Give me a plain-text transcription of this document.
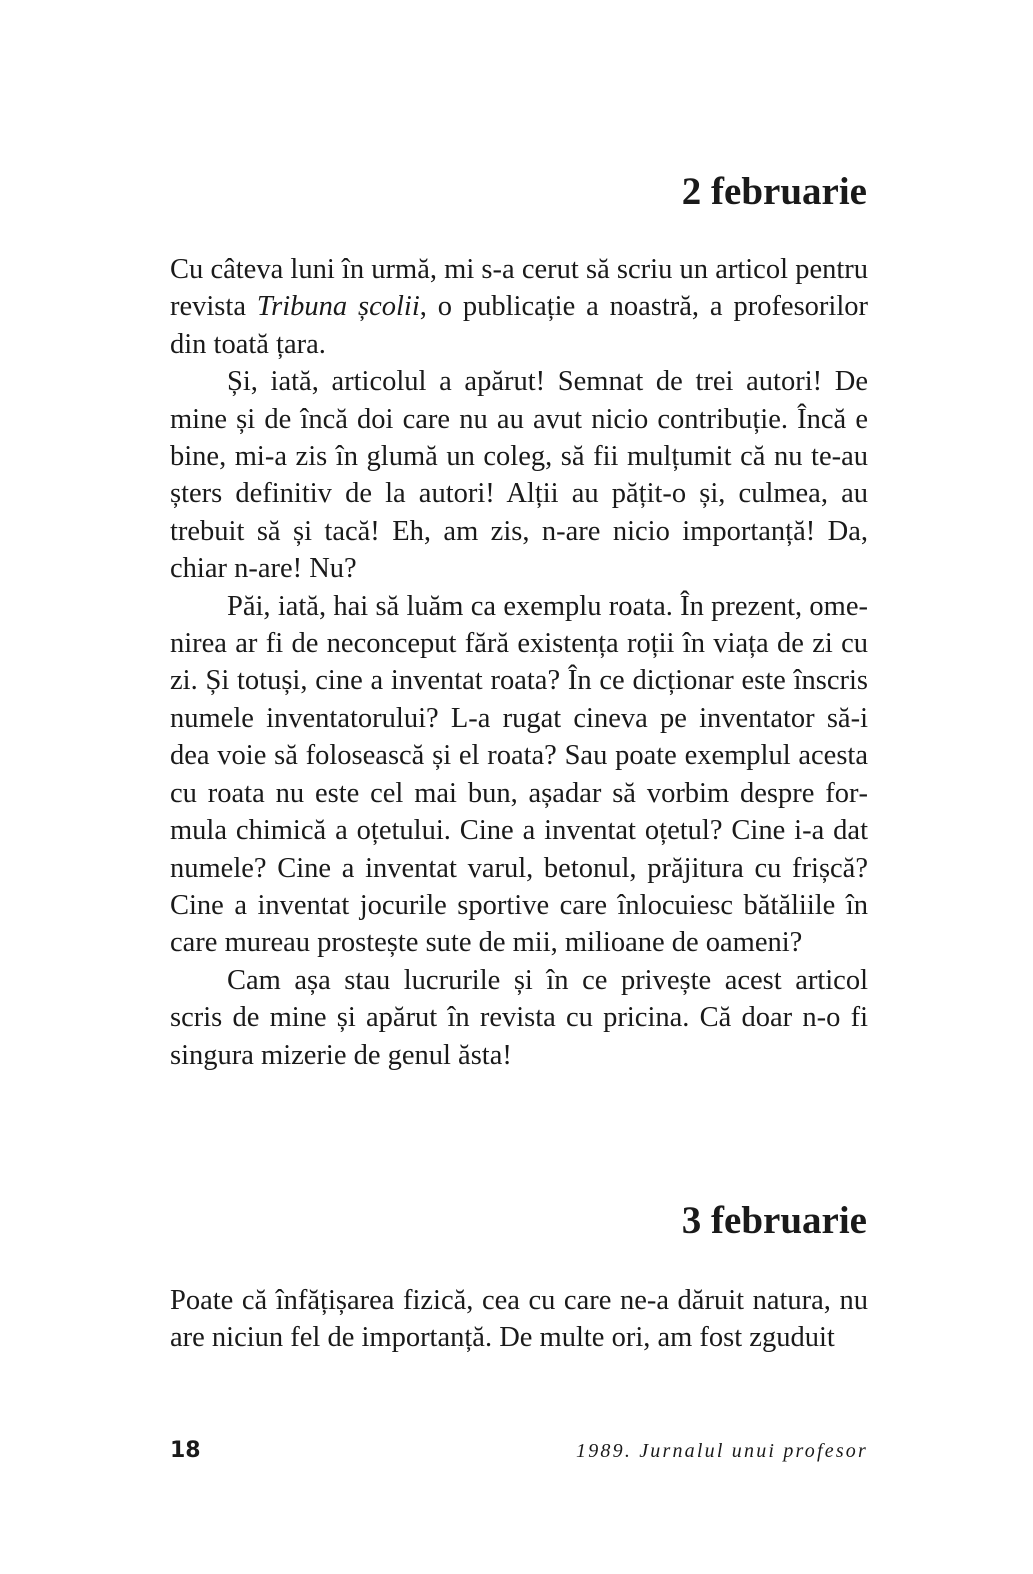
2 februarie

Cu câteva luni în urmă, mi s-a cerut să scriu un articol pentru revista Tribuna școlii, o publicație a noastră, a profesorilor din toată țara.

Și, iată, articolul a apărut! Semnat de trei autori! De mine și de încă doi care nu au avut nicio contribuție. Încă e bine, mi-a zis în glumă un coleg, să fii mulțumit că nu te-au șters definitiv de la autori! Alții au pățit-o și, culmea, au trebuit să și tacă! Eh, am zis, n-are nicio importanță! Da, chiar n-are! Nu?

Păi, iată, hai să luăm ca exemplu roata. În prezent, omenirea ar fi de neconceput fără existența roții în viața de zi cu zi. Și totuși, cine a inventat roata? În ce dicționar este înscris numele inventatorului? L-a rugat cineva pe inventator să-i dea voie să folosească și el roata? Sau poate exemplul acesta cu roata nu este cel mai bun, așadar să vorbim despre formula chimică a oțetului. Cine a inventat oțetul? Cine i-a dat numele? Cine a inventat varul, betonul, prăjitura cu frișcă? Cine a inventat jocurile sportive care înlocuiesc bătăliile în care mureau prostește sute de mii, milioane de oameni?

Cam așa stau lucrurile și în ce privește acest articol scris de mine și apărut în revista cu pricina. Că doar n-o fi singura mizerie de genul ăsta!

3 februarie

Poate că înfățișarea fizică, cea cu care ne-a dăruit natura, nu are niciun fel de importanță. De multe ori, am fost zguduit

18	1989. Jurnalul unui profesor
